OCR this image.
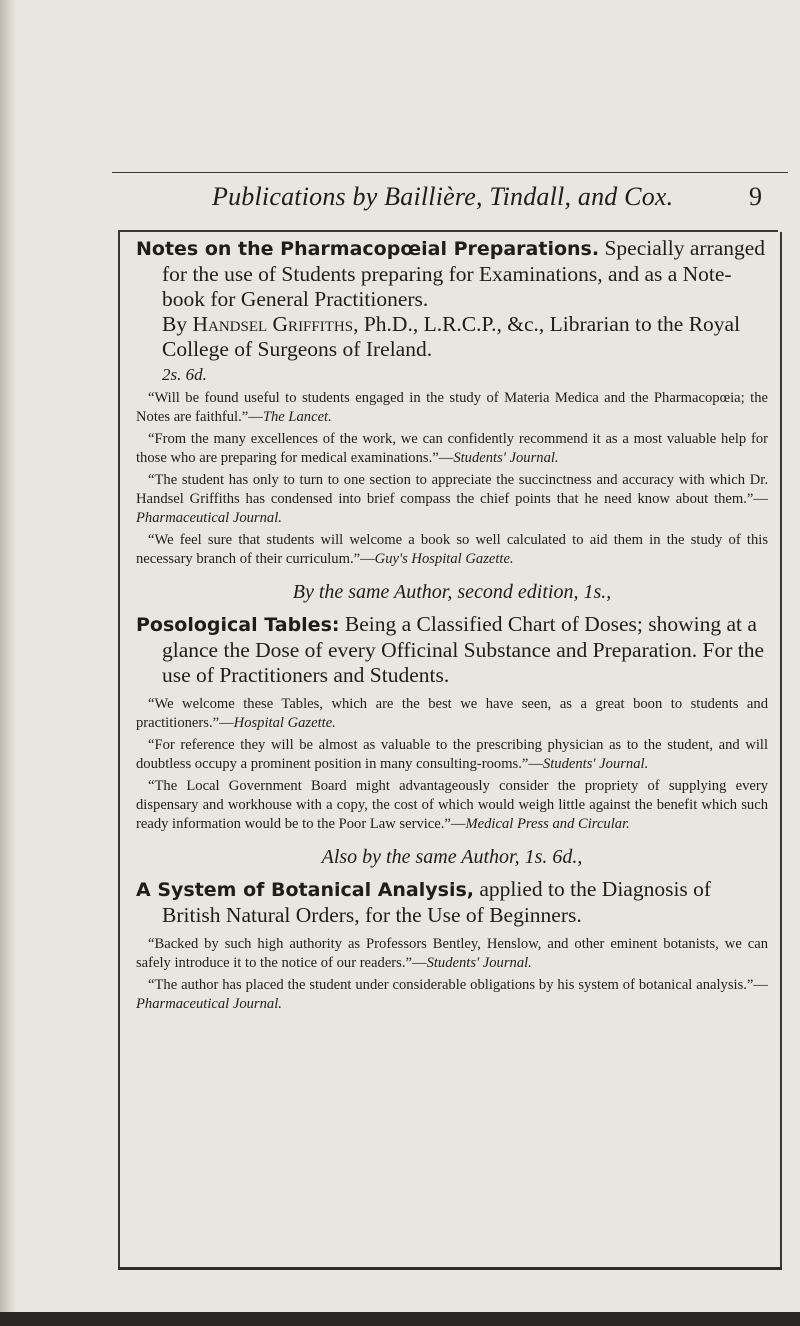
Publications by Baillière, Tindall, and Cox.	9

Notes on the Pharmacopœial Preparations. Specially arranged for the use of Students preparing for Examinations, and as a Note-book for General Practitioners.

By Handsel Griffiths, Ph.D., L.R.C.P., &c., Librarian to the Royal College of Surgeons of Ireland.

2s. 6d.

“Will be found useful to students engaged in the study of Materia Medica and the Pharmacopœia; the Notes are faithful.”—The Lancet.

“From the many excellences of the work, we can confidently recommend it as a most valuable help for those who are preparing for medical examinations.”—Students' Journal.

“The student has only to turn to one section to appreciate the succinctness and accuracy with which Dr. Handsel Griffiths has condensed into brief compass the chief points that he need know about them.”—Pharmaceutical Journal.

“We feel sure that students will welcome a book so well calculated to aid them in the study of this necessary branch of their curriculum.”—Guy's Hospital Gazette.

By the same Author, second edition, 1s.,

Posological Tables: Being a Classified Chart of Doses; showing at a glance the Dose of every Officinal Substance and Preparation. For the use of Practitioners and Students.

“We welcome these Tables, which are the best we have seen, as a great boon to students and practitioners.”—Hospital Gazette.

“For reference they will be almost as valuable to the prescribing physician as to the student, and will doubtless occupy a prominent position in many consulting-rooms.”—Students' Journal.

“The Local Government Board might advantageously consider the propriety of supplying every dispensary and workhouse with a copy, the cost of which would weigh little against the benefit which such ready information would be to the Poor Law service.”—Medical Press and Circular.

Also by the same Author, 1s. 6d.,

A System of Botanical Analysis, applied to the Diagnosis of British Natural Orders, for the Use of Beginners.

“Backed by such high authority as Professors Bentley, Henslow, and other eminent botanists, we can safely introduce it to the notice of our readers.”—Students' Journal.

“The author has placed the student under considerable obligations by his system of botanical analysis.”—Pharmaceutical Journal.
